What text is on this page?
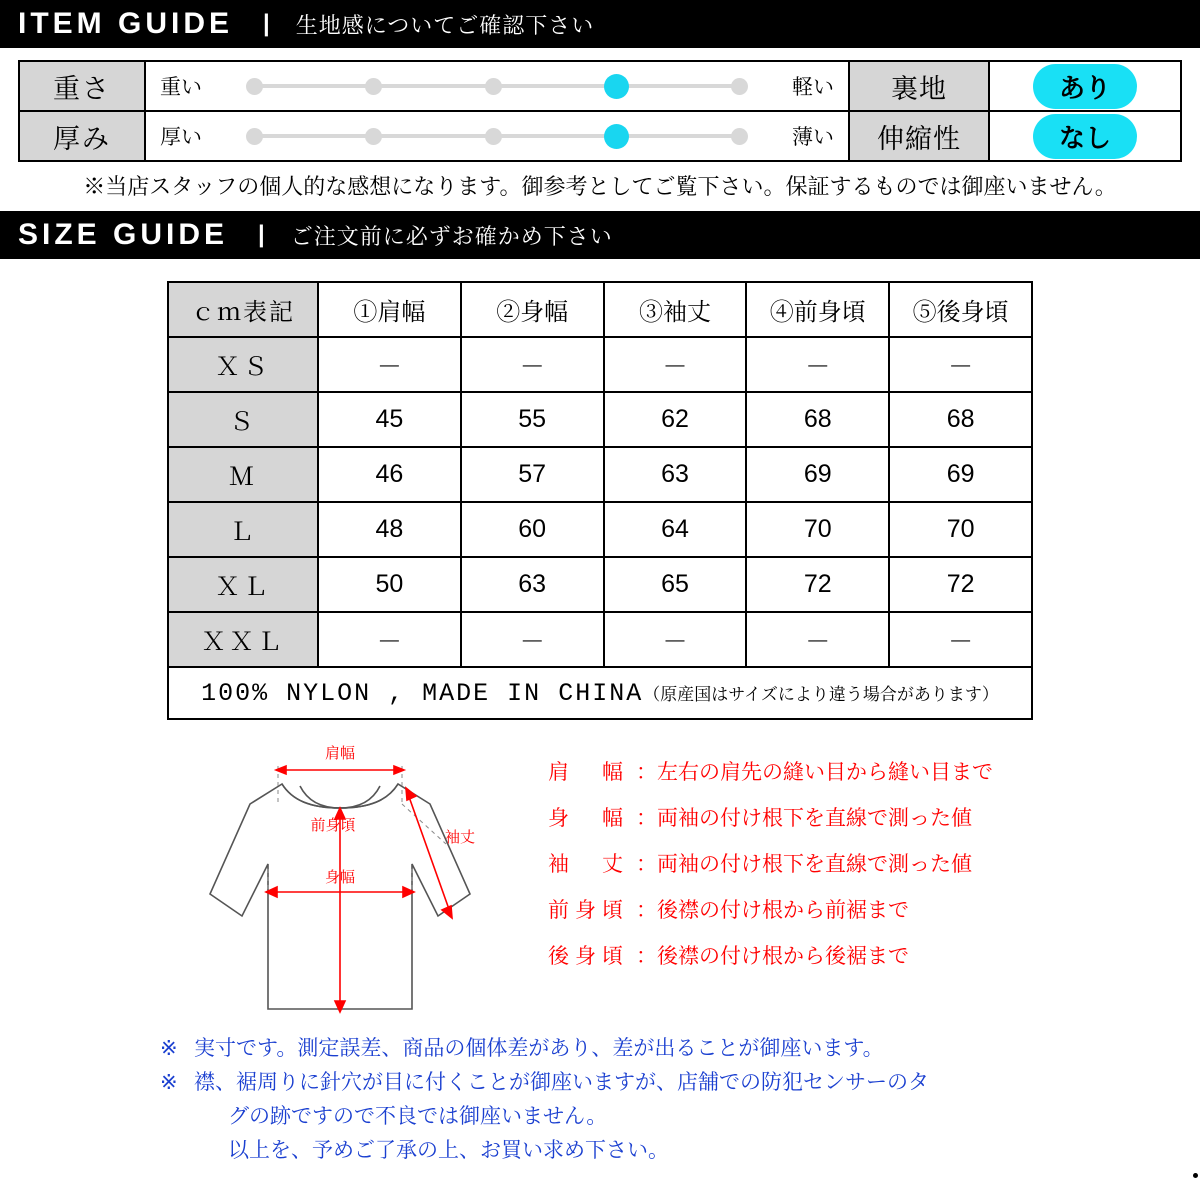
ITEM GUIDE | 生地感についてご確認下さい
重さ	重い 軽い	裏地	あり
厚み	厚い 薄い	伸縮性	なし
※当店スタッフの個人的な感想になります。御参考としてご覧下さい。保証するものでは御座いません。
SIZE GUIDE | ご注文前に必ずお確かめ下さい
ｃｍ表記	①肩幅	②身幅	③袖丈	④前身頃	⑤後身頃
ＸＳ	－	－	－	－	－
Ｓ	45	55	62	68	68
Ｍ	46	57	63	69	69
Ｌ	48	60	64	70	70
ＸＬ	50	63	65	72	72
ＸＸＬ	－	－	－	－	－
100% NYLON , MADE IN CHINA（原産国はサイズにより違う場合があります）					
肩幅
身幅
袖丈
前身頃
肩　幅 ：左右の肩先の縫い目から縫い目まで
身　幅 ：両袖の付け根下を直線で測った値
袖　丈 ：両袖の付け根下を直線で測った値
前身頃 ：後襟の付け根から前裾まで
後身頃 ：後襟の付け根から後裾まで
※ 実寸です。測定誤差、商品の個体差があり、差が出ることが御座います。
※ 襟、裾周りに針穴が目に付くことが御座いますが、店舗での防犯センサーのタ
グの跡ですので不良では御座いません。
以上を、予めご了承の上、お買い求め下さい。
